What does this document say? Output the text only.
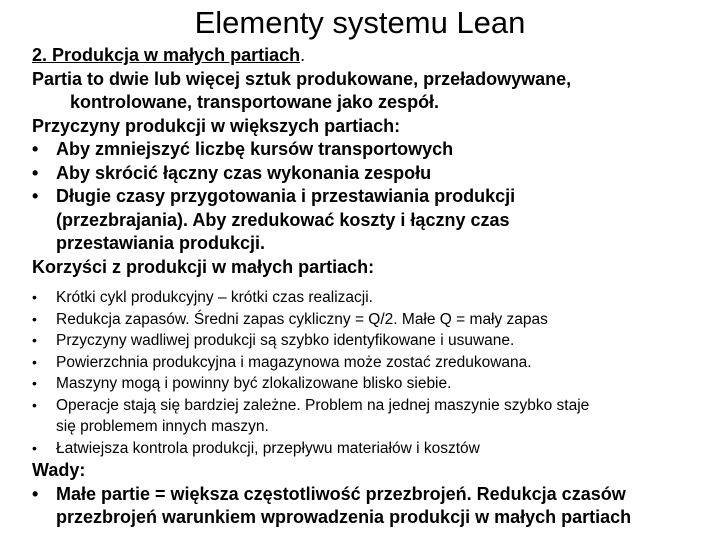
Elementy systemu Lean
2. Produkcja w małych partiach.
Partia to dwie lub więcej sztuk produkowane, przeładowywane,
kontrolowane, transportowane jako zespół.
Przyczyny produkcji w większych partiach:
• Aby zmniejszyć liczbę kursów transportowych
• Aby skrócić łączny czas wykonania zespołu
• Długie czasy przygotowania i przestawiania produkcji
(przezbrajania). Aby zredukować koszty i łączny czas
przestawiania produkcji.
Korzyści z produkcji w małych partiach:
•	Krótki cykl produkcyjny – krótki czas realizacji.
•	Redukcja zapasów. Średni zapas cykliczny = Q/2. Małe Q = mały zapas
•	Przyczyny wadliwej produkcji są szybko identyfikowane i usuwane.
•	Powierzchnia produkcyjna i magazynowa może zostać zredukowana.
•	Maszyny mogą i powinny być zlokalizowane blisko siebie.
•	Operacje stają się bardziej zależne. Problem na jednej maszynie szybko staje
się problemem innych maszyn.
•	Łatwiejsza kontrola produkcji, przepływu materiałów i kosztów
Wady:
• Małe partie = większa częstotliwość przezbrojeń. Redukcja czasów
przezbrojeń warunkiem wprowadzenia produkcji w małych partiach
